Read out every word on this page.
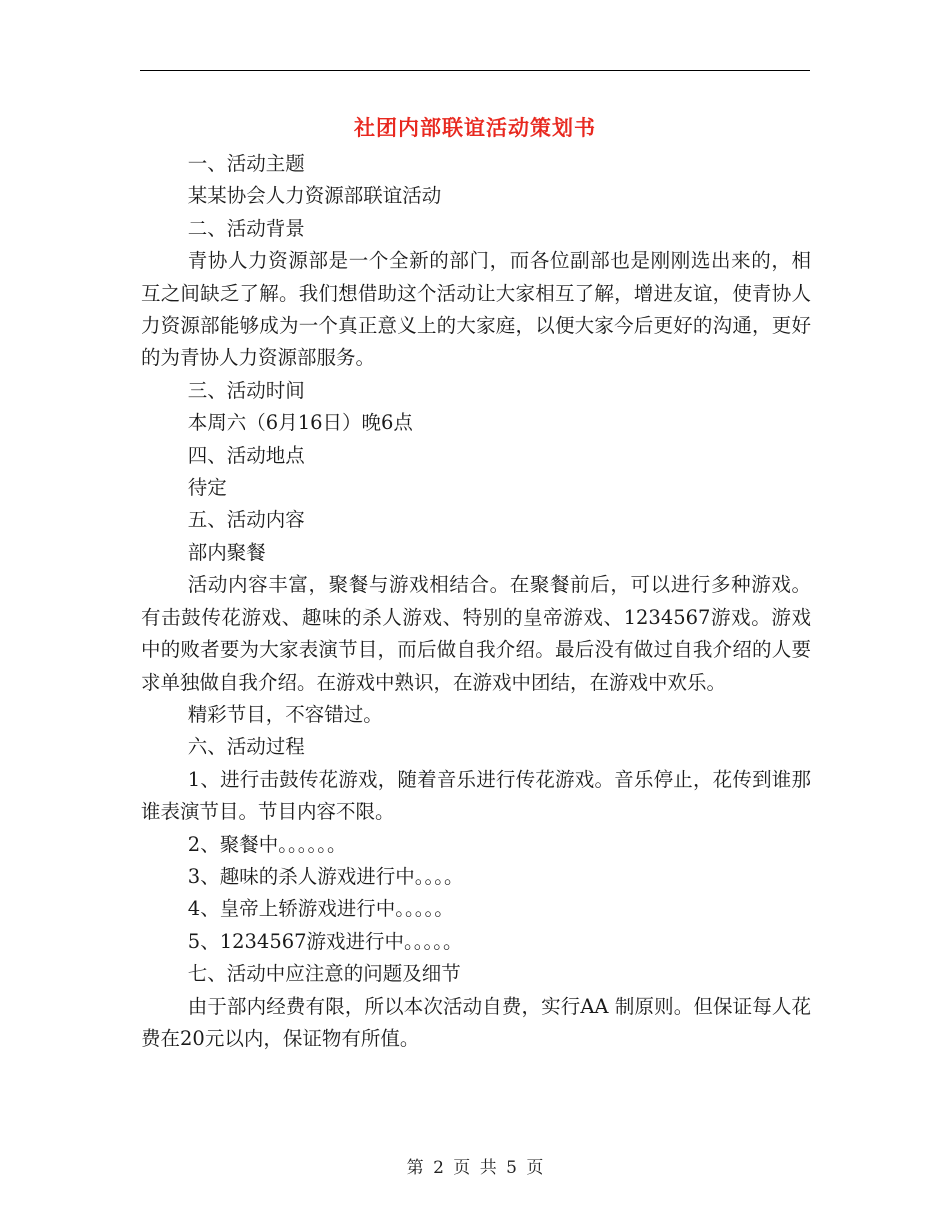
社团内部联谊活动策划书

一、活动主题

某某协会人力资源部联谊活动

二、活动背景

青协人力资源部是一个全新的部门，而各位副部也是刚刚选出来的，相互之间缺乏了解。我们想借助这个活动让大家相互了解，增进友谊，使青协人力资源部能够成为一个真正意义上的大家庭，以便大家今后更好的沟通，更好的为青协人力资源部服务。

三、活动时间

本周六（6月16日）晚6点

四、活动地点

待定

五、活动内容

部内聚餐

活动内容丰富，聚餐与游戏相结合。在聚餐前后，可以进行多种游戏。有击鼓传花游戏、趣味的杀人游戏、特别的皇帝游戏、1234567游戏。游戏中的败者要为大家表演节目，而后做自我介绍。最后没有做过自我介绍的人要求单独做自我介绍。在游戏中熟识，在游戏中团结，在游戏中欢乐。

精彩节目，不容错过。

六、活动过程

1、进行击鼓传花游戏，随着音乐进行传花游戏。音乐停止，花传到谁那谁表演节目。节目内容不限。

2、聚餐中。。。。。。

3、趣味的杀人游戏进行中。。。。

4、皇帝上轿游戏进行中。。。。。

5、1234567游戏进行中。。。。。

七、活动中应注意的问题及细节

由于部内经费有限，所以本次活动自费，实行AA 制原则。但保证每人花费在20元以内，保证物有所值。

第 2 页 共 5 页
